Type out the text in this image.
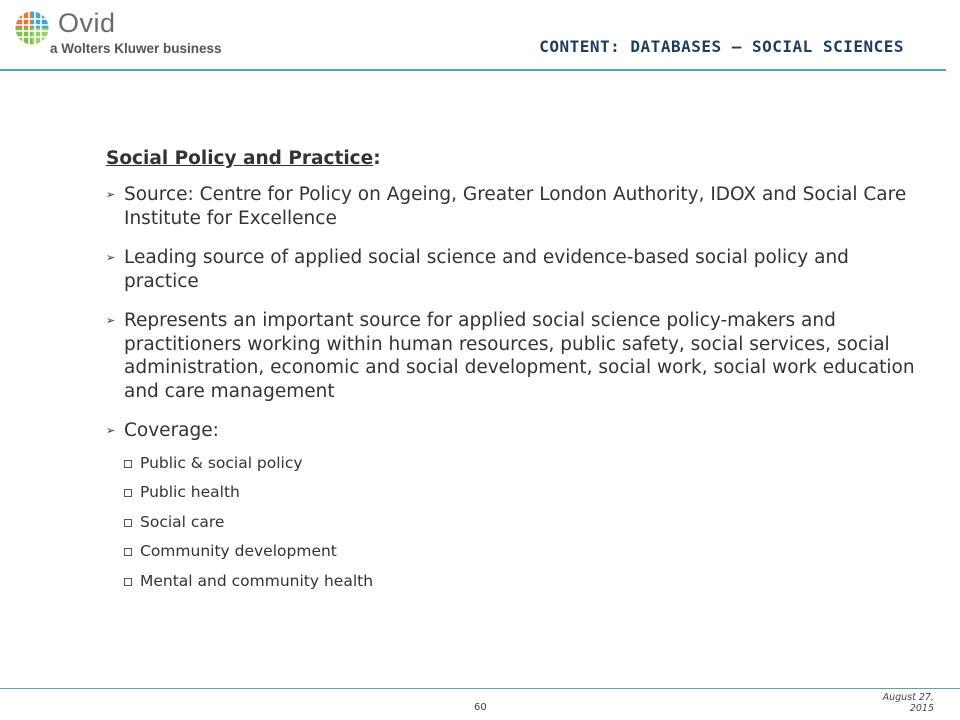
Ovid
a Wolters Kluwer business	CONTENT: DATABASES – SOCIAL SCIENCES
Social Policy and Practice:
➢ Source: Centre for Policy on Ageing, Greater London Authority, IDOX and Social Care Institute for Excellence
➢ Leading source of applied social science and evidence-based social policy and practice
➢ Represents an important source for applied social science policy-makers and practitioners working within human resources, public safety, social services, social administration, economic and social development, social work, social work education and care management
➢ Coverage:
Public & social policy
Public health
Social care
Community development
Mental and community health
60
August 27,
2015
